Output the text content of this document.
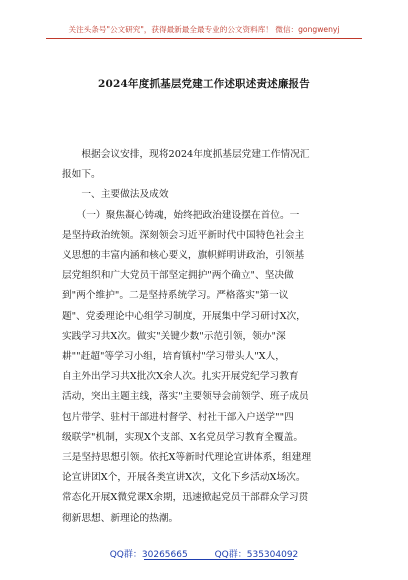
关注头条号"公文研究"，获得最新最全最专业的公文资料库！ 微信：gongwenyj
2024年度抓基层党建工作述职述责述廉报告
　　根据会议安排，现将2024年度抓基层党建工作情况汇
报如下。
　　一、主要做法及成效
　　（一）聚焦凝心铸魂，始终把政治建设摆在首位。一
是坚持政治统领。深刻领会习近平新时代中国特色社会主
义思想的丰富内涵和核心要义，旗帜鲜明讲政治，引领基
层党组织和广大党员干部坚定拥护"两个确立"、坚决做
到"两个维护"。二是坚持系统学习。严格落实"第一议
题"、党委理论中心组学习制度，开展集中学习研讨X次，
实践学习共X次。做实"关键少数"示范引领，领办"深
耕""赶超"等学习小组，培育镇村"学习带头人"X人，
自主外出学习共X批次X余人次。扎实开展党纪学习教育
活动，突出主题主线，落实"主要领导会前领学、班子成员
包片带学、驻村干部进村督学、村社干部入户送学""四
级联学"机制，实现X个支部、X名党员学习教育全覆盖。
三是坚持思想引领。依托X等新时代理论宣讲体系，组建理
论宣讲团X个，开展各类宣讲X次，文化下乡活动X场次。
常态化开展X微党课X余期，迅速掀起党员干部群众学习贯
彻新思想、新理论的热潮。
QQ群：30265665	QQ群：535304092
